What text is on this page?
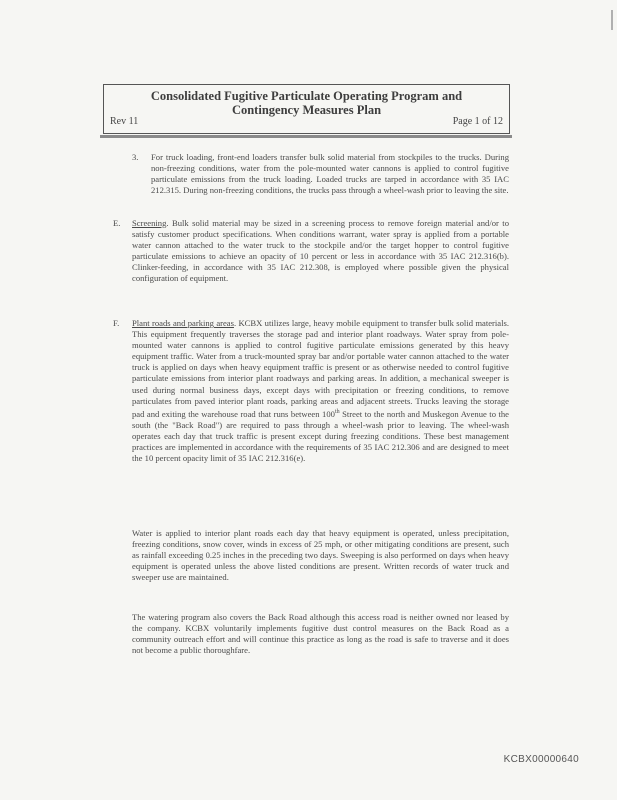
Consolidated Fugitive Particulate Operating Program and
Contingency Measures Plan
Rev 11	Page 1 of 12
3. For truck loading, front-end loaders transfer bulk solid material from stockpiles to the trucks. During non-freezing conditions, water from the pole-mounted water cannons is applied to control fugitive particulate emissions from the truck loading. Loaded trucks are tarped in accordance with 35 IAC 212.315. During non-freezing conditions, the trucks pass through a wheel-wash prior to leaving the site.
E. Screening. Bulk solid material may be sized in a screening process to remove foreign material and/or to satisfy customer product specifications. When conditions warrant, water spray is applied from a portable water cannon attached to the water truck to the stockpile and/or the target hopper to control fugitive particulate emissions to achieve an opacity of 10 percent or less in accordance with 35 IAC 212.316(b). Clinker-feeding, in accordance with 35 IAC 212.308, is employed where possible given the physical configuration of equipment.
F. Plant roads and parking areas. KCBX utilizes large, heavy mobile equipment to transfer bulk solid materials. This equipment frequently traverses the storage pad and interior plant roadways. Water spray from pole-mounted water cannons is applied to control fugitive particulate emissions generated by this heavy equipment traffic. Water from a truck-mounted spray bar and/or portable water cannon attached to the water truck is applied on days when heavy equipment traffic is present or as otherwise needed to control fugitive particulate emissions from interior plant roadways and parking areas. In addition, a mechanical sweeper is used during normal business days, except days with precipitation or freezing conditions, to remove particulates from paved interior plant roads, parking areas and adjacent streets. Trucks leaving the storage pad and exiting the warehouse road that runs between 100th Street to the north and Muskegon Avenue to the south (the "Back Road") are required to pass through a wheel-wash prior to leaving. The wheel-wash operates each day that truck traffic is present except during freezing conditions. These best management practices are implemented in accordance with the requirements of 35 IAC 212.306 and are designed to meet the 10 percent opacity limit of 35 IAC 212.316(e).
Water is applied to interior plant roads each day that heavy equipment is operated, unless precipitation, freezing conditions, snow cover, winds in excess of 25 mph, or other mitigating conditions are present, such as rainfall exceeding 0.25 inches in the preceding two days. Sweeping is also performed on days when heavy equipment is operated unless the above listed conditions are present. Written records of water truck and sweeper use are maintained.
The watering program also covers the Back Road although this access road is neither owned nor leased by the company. KCBX voluntarily implements fugitive dust control measures on the Back Road as a community outreach effort and will continue this practice as long as the road is safe to traverse and it does not become a public thoroughfare.
KCBX00000640
